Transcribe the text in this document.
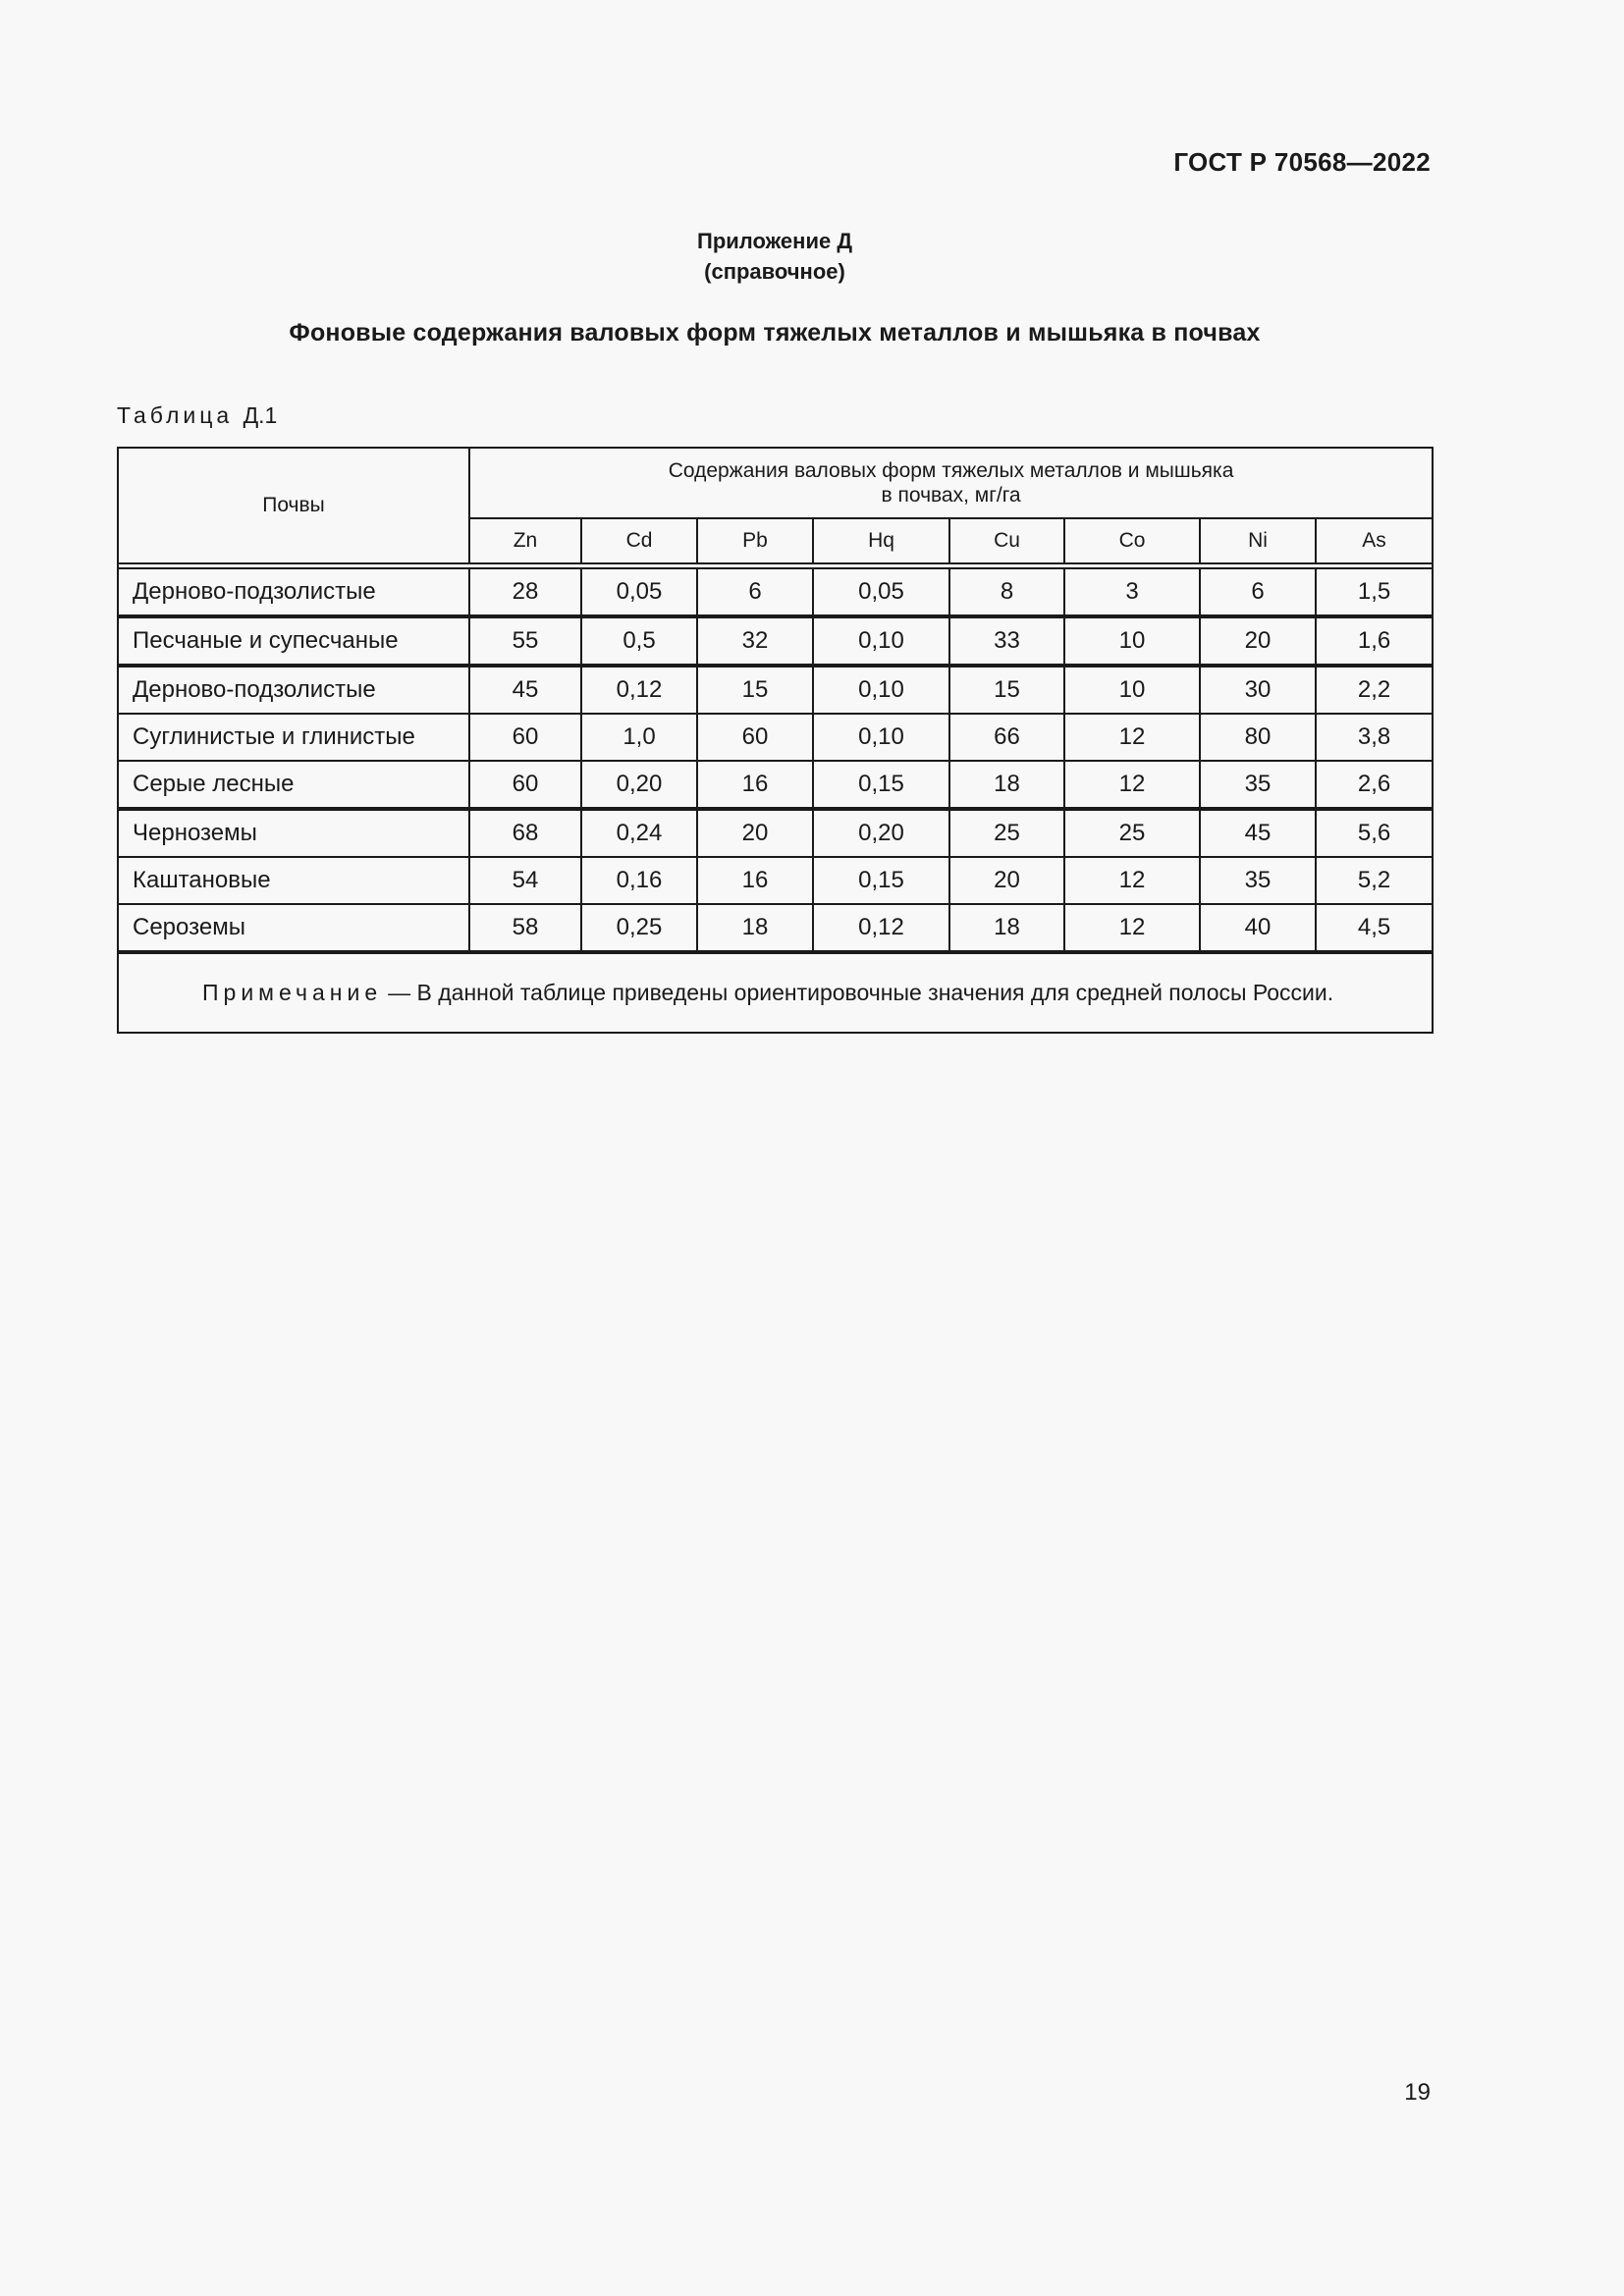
ГОСТ Р 70568—2022
Приложение Д
(справочное)
Фоновые содержания валовых форм тяжелых металлов и мышьяка в почвах
Таблица Д.1
Почвы	Содержания валовых форм тяжелых металлов и мышьяка
в почвах, мг/га							

	Zn	Cd	Pb	Hq	Cu	Co	Ni	As

Дерново-подзолистые	28	0,05	6	0,05	8	3	6	1,5
Песчаные и супесчаные	55	0,5	32	0,10	33	10	20	1,6
Дерново-подзолистые	45	0,12	15	0,10	15	10	30	2,2
Суглинистые и глинистые	60	1,0	60	0,10	66	12	80	3,8
Серые лесные	60	0,20	16	0,15	18	12	35	2,6
Черноземы	68	0,24	20	0,20	25	25	45	5,6
Каштановые	54	0,16	16	0,15	20	12	35	5,2
Сероземы	58	0,25	18	0,12	18	12	40	4,5
Примечание — В данной таблице приведены ориентировочные значения для средней полосы России.								
19
